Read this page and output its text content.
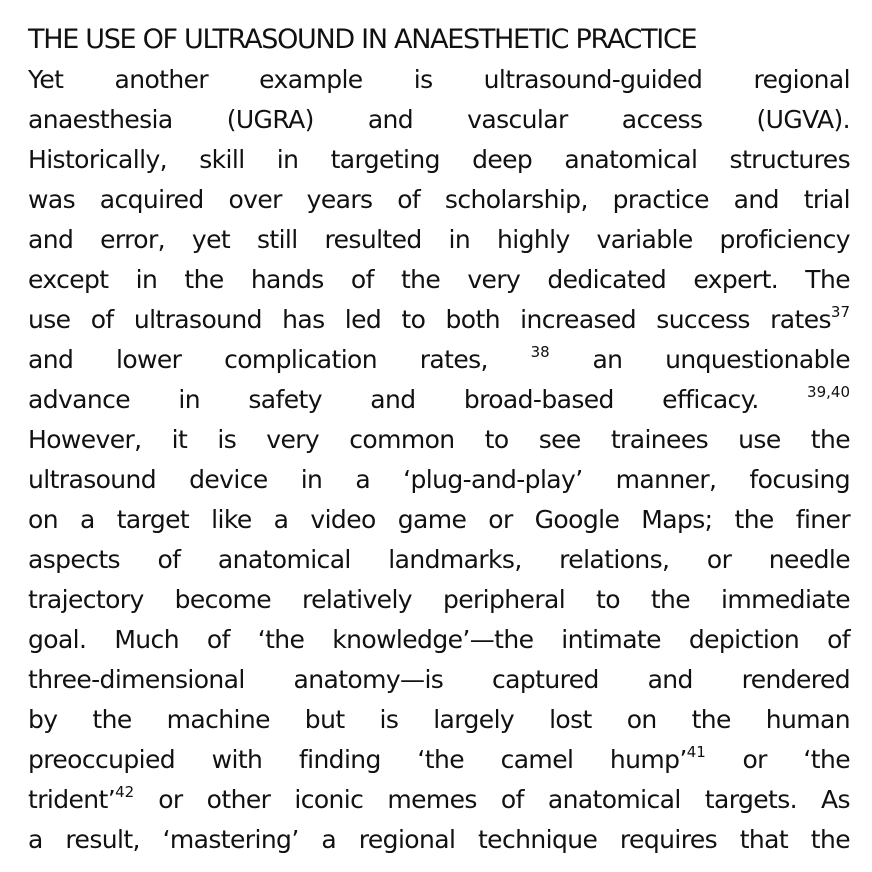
THE USE OF ULTRASOUND IN ANAESTHETIC PRACTICE
Yet another example is ultrasound-guided regional
anaesthesia (UGRA) and vascular access (UGVA).
Historically, skill in targeting deep anatomical structures
was acquired over years of scholarship, practice and trial
and error, yet still resulted in highly variable proficiency
except in the hands of the very dedicated expert. The
use of ultrasound has led to both increased success rates$^{37}$
and lower complication rates, $^{38}$ an unquestionable
advance in safety and broad-based efficacy. $^{39,40}$
However, it is very common to see trainees use the
ultrasound device in a ‘plug-and-play’ manner, focusing
on a target like a video game or Google Maps; the finer
aspects of anatomical landmarks, relations, or needle
trajectory become relatively peripheral to the immediate
goal. Much of ‘the knowledge’—the intimate depiction of
three-dimensional anatomy—is captured and rendered
by the machine but is largely lost on the human
preoccupied with finding ‘the camel hump’$^{41}$ or ‘the
trident’$^{42}$ or other iconic memes of anatomical targets. As
a result, ‘mastering’ a regional technique requires that the
